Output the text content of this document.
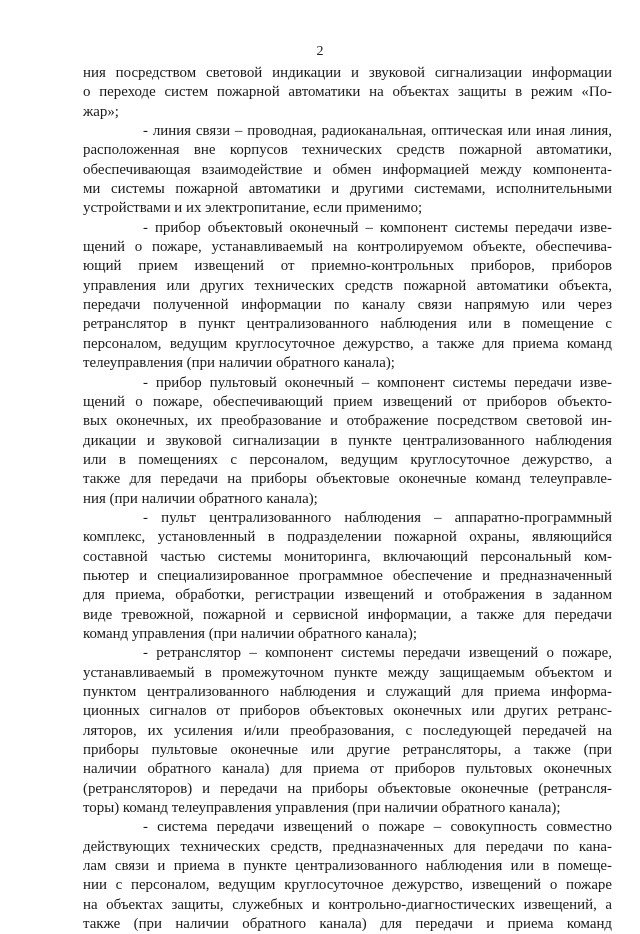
2
ния посредством световой индикации и звуковой сигнализации информации
о переходе систем пожарной автоматики на объектах защиты в режим «По-
жар»;
- линия связи – проводная, радиоканальная, оптическая или иная линия,
расположенная вне корпусов технических средств пожарной автоматики,
обеспечивающая взаимодействие и обмен информацией между компонента-
ми системы пожарной автоматики и другими системами, исполнительными
устройствами и их электропитание, если применимо;
- прибор объектовый оконечный – компонент системы передачи изве-
щений о пожаре, устанавливаемый на контролируемом объекте, обеспечива-
ющий прием извещений от приемно-контрольных приборов, приборов
управления или других технических средств пожарной автоматики объекта,
передачи полученной информации по каналу связи напрямую или через
ретранслятор в пункт централизованного наблюдения или в помещение с
персоналом, ведущим круглосуточное дежурство, а также для приема команд
телеуправления (при наличии обратного канала);
- прибор пультовый оконечный – компонент системы передачи изве-
щений о пожаре, обеспечивающий прием извещений от приборов объекто-
вых оконечных, их преобразование и отображение посредством световой ин-
дикации и звуковой сигнализации в пункте централизованного наблюдения
или в помещениях с персоналом, ведущим круглосуточное дежурство, а
также для передачи на приборы объектовые оконечные команд телеуправле-
ния (при наличии обратного канала);
- пульт централизованного наблюдения – аппаратно-программный
комплекс, установленный в подразделении пожарной охраны, являющийся
составной частью системы мониторинга, включающий персональный ком-
пьютер и специализированное программное обеспечение и предназначенный
для приема, обработки, регистрации извещений и отображения в заданном
виде тревожной, пожарной и сервисной информации, а также для передачи
команд управления (при наличии обратного канала);
- ретранслятор – компонент системы передачи извещений о пожаре,
устанавливаемый в промежуточном пункте между защищаемым объектом и
пунктом централизованного наблюдения и служащий для приема информа-
ционных сигналов от приборов объектовых оконечных или других ретранс-
ляторов, их усиления и/или преобразования, с последующей передачей на
приборы пультовые оконечные или другие ретрансляторы, а также (при
наличии обратного канала) для приема от приборов пультовых оконечных
(ретрансляторов) и передачи на приборы объектовые оконечные (ретрансля-
торы) команд телеуправления управления (при наличии обратного канала);
- система передачи извещений о пожаре – совокупность совместно
действующих технических средств, предназначенных для передачи по кана-
лам связи и приема в пункте централизованного наблюдения или в помеще-
нии с персоналом, ведущим круглосуточное дежурство, извещений о пожаре
на объектах защиты, служебных и контрольно-диагностических извещений, а
также (при наличии обратного канала) для передачи и приема команд
